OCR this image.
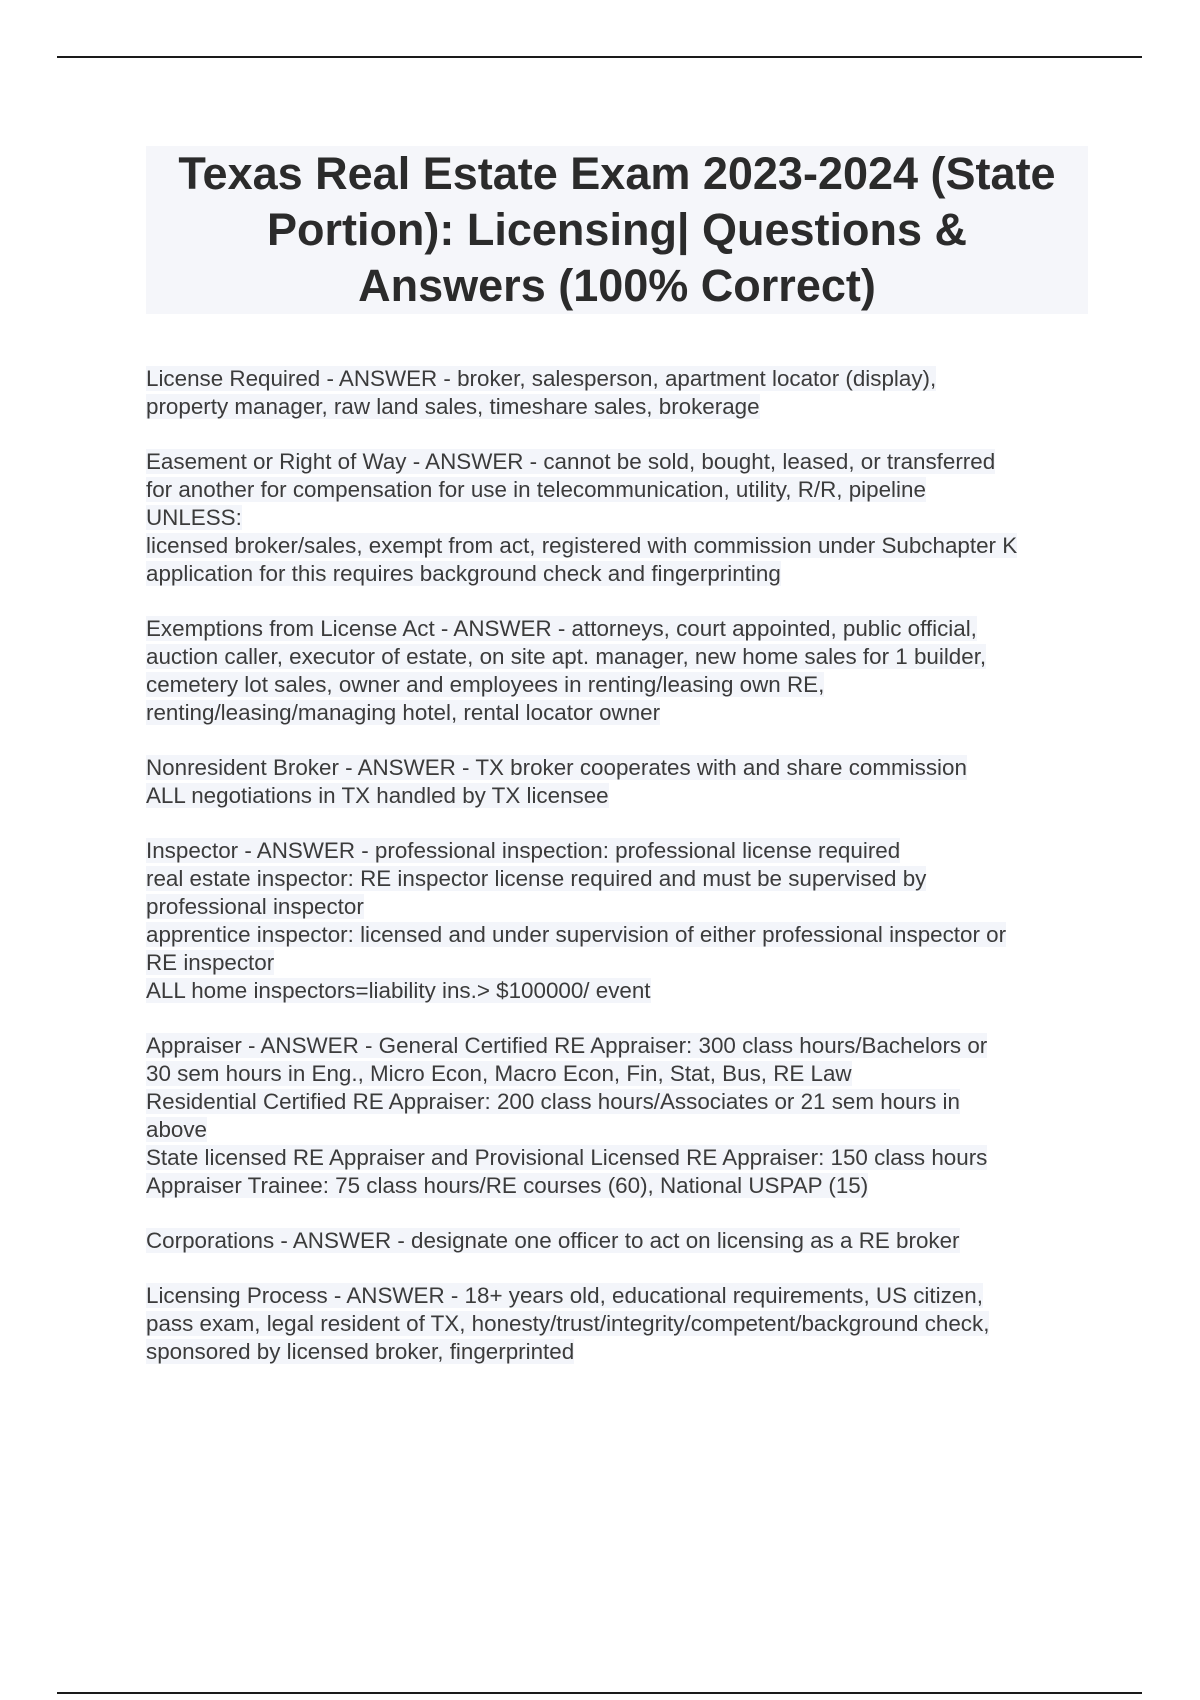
Texas Real Estate Exam 2023-2024 (State
Portion): Licensing| Questions &
Answers (100% Correct)

License Required - ANSWER - broker, salesperson, apartment locator (display),
property manager, raw land sales, timeshare sales, brokerage

Easement or Right of Way - ANSWER - cannot be sold, bought, leased, or transferred
for another for compensation for use in telecommunication, utility, R/R, pipeline
UNLESS:
licensed broker/sales, exempt from act, registered with commission under Subchapter K
application for this requires background check and fingerprinting

Exemptions from License Act - ANSWER - attorneys, court appointed, public official,
auction caller, executor of estate, on site apt. manager, new home sales for 1 builder,
cemetery lot sales, owner and employees in renting/leasing own RE,
renting/leasing/managing hotel, rental locator owner

Nonresident Broker - ANSWER - TX broker cooperates with and share commission
ALL negotiations in TX handled by TX licensee

Inspector - ANSWER - professional inspection: professional license required
real estate inspector: RE inspector license required and must be supervised by
professional inspector
apprentice inspector: licensed and under supervision of either professional inspector or
RE inspector
ALL home inspectors=liability ins.> $100000/ event

Appraiser - ANSWER - General Certified RE Appraiser: 300 class hours/Bachelors or
30 sem hours in Eng., Micro Econ, Macro Econ, Fin, Stat, Bus, RE Law
Residential Certified RE Appraiser: 200 class hours/Associates or 21 sem hours in
above
State licensed RE Appraiser and Provisional Licensed RE Appraiser: 150 class hours
Appraiser Trainee: 75 class hours/RE courses (60), National USPAP (15)

Corporations - ANSWER - designate one officer to act on licensing as a RE broker

Licensing Process - ANSWER - 18+ years old, educational requirements, US citizen,
pass exam, legal resident of TX, honesty/trust/integrity/competent/background check,
sponsored by licensed broker, fingerprinted
